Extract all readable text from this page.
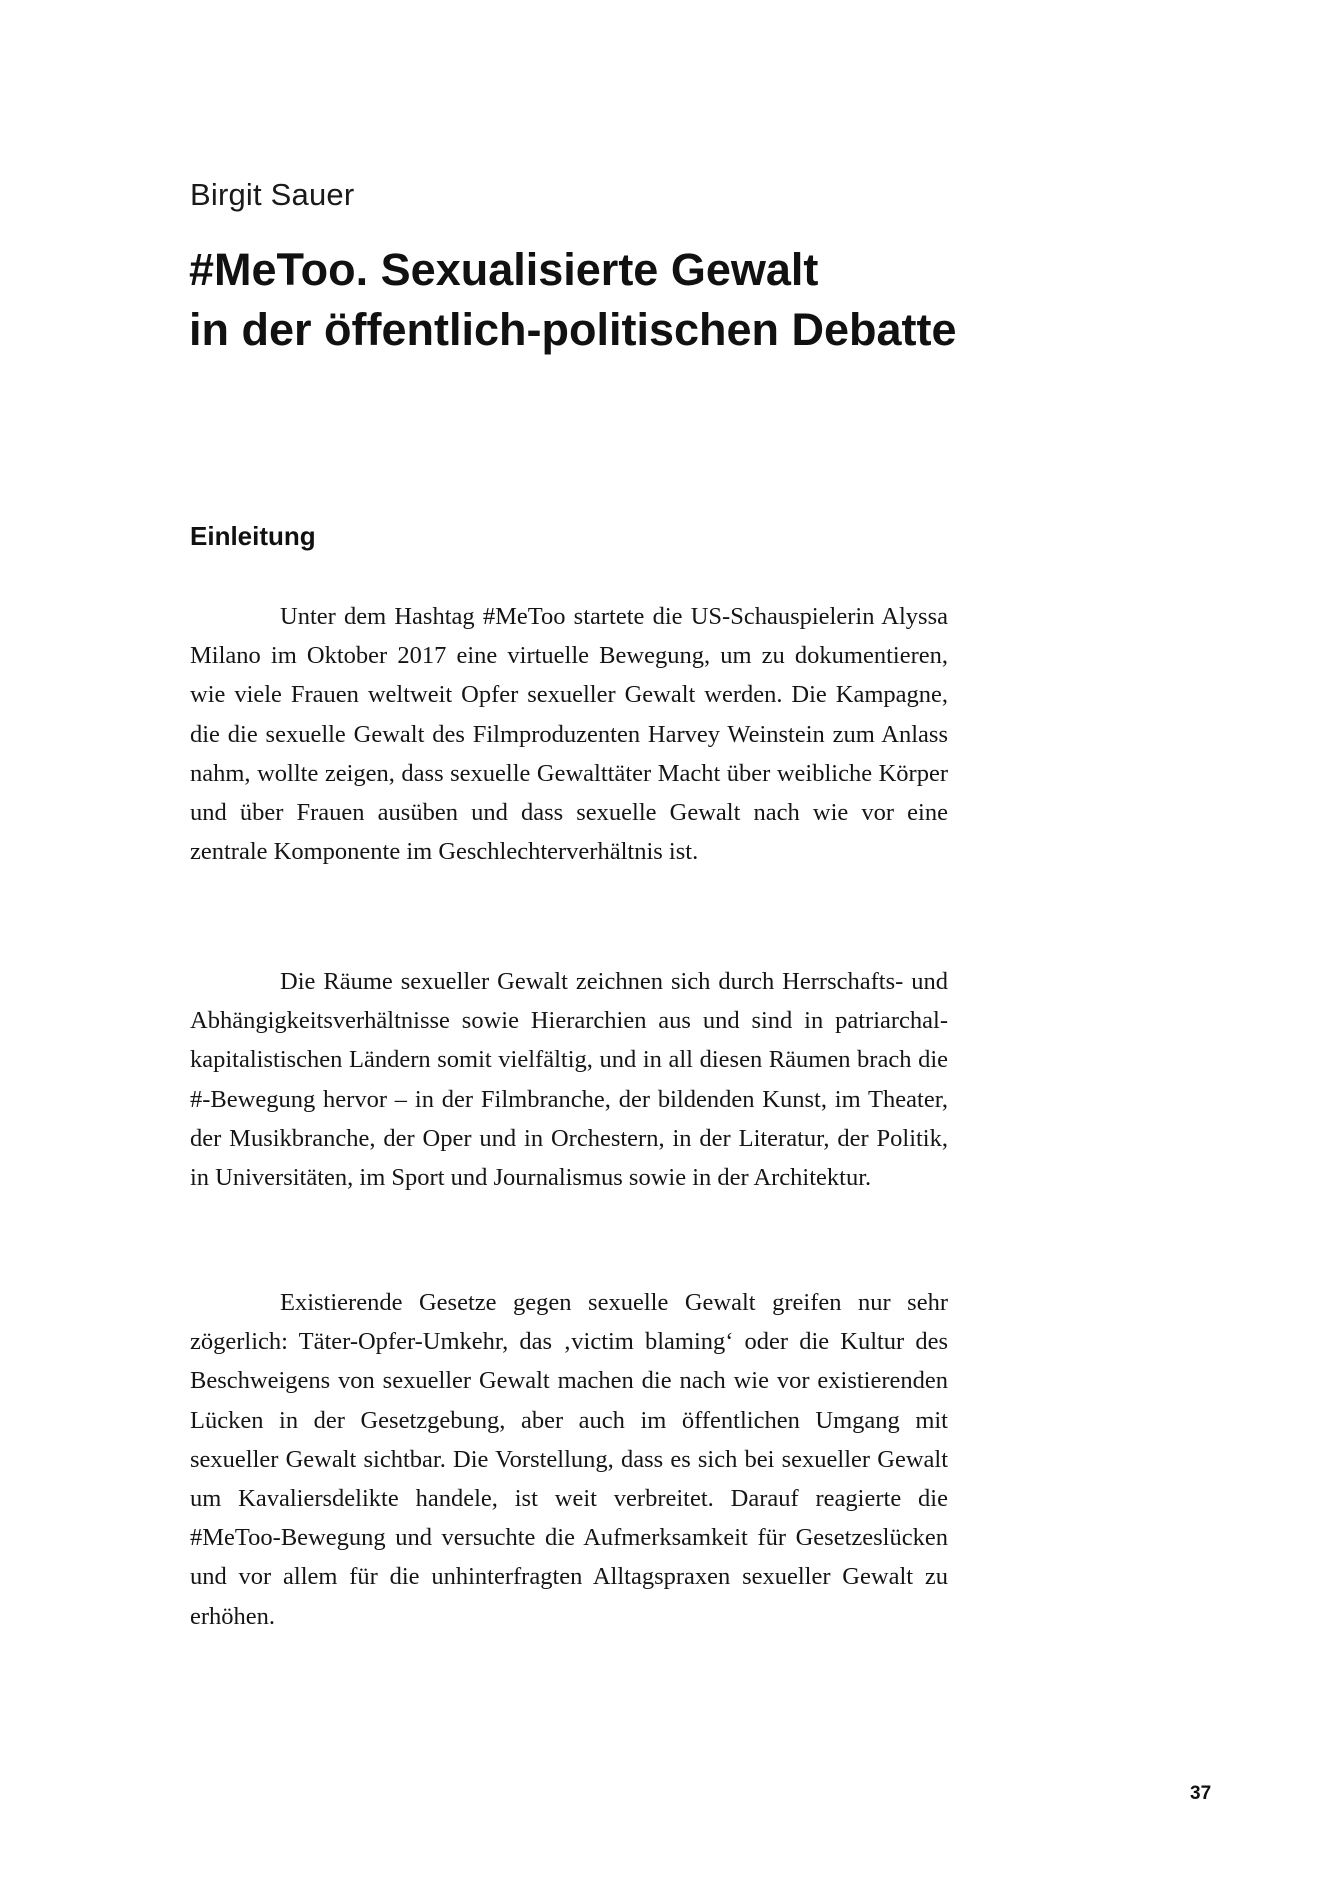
Birgit Sauer
#MeToo. Sexualisierte Gewalt
in der öffentlich-politischen Debatte
Einleitung

Unter dem Hashtag #MeToo startete die US-Schauspielerin Alyssa Milano im Oktober 2017 eine virtuelle Bewegung, um zu dokumentieren, wie viele Frauen weltweit Opfer sexueller Gewalt werden. Die Kampagne, die die sexuelle Gewalt des Filmproduzenten Harvey Weinstein zum Anlass nahm, wollte zeigen, dass sexuelle Gewalttäter Macht über weibliche Körper und über Frauen ausüben und dass sexuelle Gewalt nach wie vor eine zentrale Komponente im Geschlechterverhältnis ist.

Die Räume sexueller Gewalt zeichnen sich durch Herrschafts- und Abhängigkeitsverhältnisse sowie Hierarchien aus und sind in patriarchal-kapitalistischen Ländern somit vielfältig, und in all diesen Räumen brach die #-Bewegung hervor – in der Filmbranche, der bildenden Kunst, im Theater, der Musikbranche, der Oper und in Orchestern, in der Literatur, der Politik, in Universitäten, im Sport und Journalismus sowie in der Architektur.

Existierende Gesetze gegen sexuelle Gewalt greifen nur sehr zögerlich: Täter-Opfer-Umkehr, das ‚victim blaming‘ oder die Kultur des Beschweigens von sexueller Gewalt machen die nach wie vor existierenden Lücken in der Gesetzgebung, aber auch im öffentlichen Umgang mit sexueller Gewalt sichtbar. Die Vorstellung, dass es sich bei sexueller Gewalt um Kavaliersdelikte handele, ist weit verbreitet. Darauf reagierte die #MeToo-Bewegung und versuchte die Aufmerksamkeit für Gesetzeslücken und vor allem für die unhinterfragten Alltagspraxen sexueller Gewalt zu erhöhen.

37
